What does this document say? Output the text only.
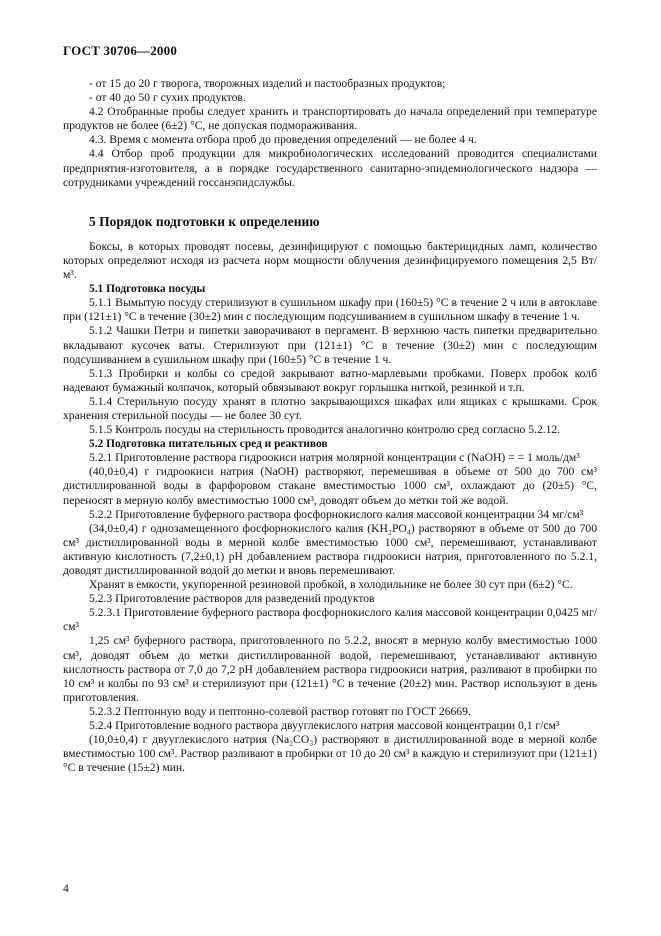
ГОСТ 30706—2000

- от 15 до 20 г творога, творожных изделий и пастообразных продуктов;

- от 40 до 50 г сухих продуктов.

4.2 Отобранные пробы следует хранить и транспортировать до начала определений при температуре продуктов не более (6±2) °С, не допуская подмораживания.

4.3. Время с момента отбора проб до проведения определений — не более 4 ч.

4.4 Отбор проб продукции для микробиологических исследований проводится специалистами предприятия-изготовителя, а в порядке государственного санитарно-эпидемиологического надзора — сотрудниками учреждений госсанэпидслужбы.

5 Порядок подготовки к определению

Боксы, в которых проводят посевы, дезинфицируют с помощью бактерицидных ламп, количество которых определяют исходя из расчета норм мощности облучения дезинфицируемого помещения 2,5 Вт/м³.

5.1 Подготовка посуды

5.1.1 Вымытую посуду стерилизуют в сушильном шкафу при (160±5) °С в течение 2 ч или в автоклаве при (121±1) °С в течение (30±2) мин с последующим подсушиванием в сушильном шкафу в течение 1 ч.

5.1.2 Чашки Петри и пипетки заворачивают в пергамент. В верхнюю часть пипетки предварительно вкладывают кусочек ваты. Стерилизуют при (121±1) °С в течение (30±2) мин с последующим подсушиванием в сушильном шкафу при (160±5) °С в течение 1 ч.

5.1.3 Пробирки и колбы со средой закрывают ватно-марлевыми пробками. Поверх пробок колб надевают бумажный колпачок, который обвязывают вокруг горлышка ниткой, резинкой и т.п.

5.1.4 Стерильную посуду хранят в плотно закрывающихся шкафах или ящиках с крышками. Срок хранения стерильной посуды — не более 30 сут.

5.1.5 Контроль посуды на стерильность проводится аналогично контролю сред согласно 5.2.12.

5.2 Подготовка питательных сред и реактивов

5.2.1 Приготовление раствора гидроокиси натрия молярной концентрации c (NaOH) = = 1 моль/дм³

(40,0±0,4) г гидроокиси натрия (NaOH) растворяют, перемешивая в объеме от 500 до 700 см³ дистиллированной воды в фарфоровом стакане вместимостью 1000 см³, охлаждают до (20±5) °С, переносят в мерную колбу вместимостью 1000 см³, доводят объем до метки той же водой.

5.2.2 Приготовление буферного раствора фосфорнокислого калия массовой концентрации 34 мг/см³

(34,0±0,4) г однозамещенного фосфорнокислого калия (KH₂PO₄) растворяют в объеме от 500 до 700 см³ дистиллированной воды в мерной колбе вместимостью 1000 см³, перемешивают, устанавливают активную кислотность (7,2±0,1) рН добавлением раствора гидроокиси натрия, приготовленного по 5.2.1, доводят дистиллированной водой до метки и вновь перемешивают.

Хранят в емкости, укупоренной резиновой пробкой, в холодильнике не более 30 сут при (6±2) °С.

5.2.3 Приготовление растворов для разведений продуктов

5.2.3.1 Приготовление буферного раствора фосфорнокислого калия массовой концентрации 0,0425 мг/см³

1,25 см³ буферного раствора, приготовленного по 5.2.2, вносят в мерную колбу вместимостью 1000 см³, доводят объем до метки дистиллированной водой, перемешивают, устанавливают активную кислотность раствора от 7,0 до 7,2 рН добавлением раствора гидроокиси натрия, разливают в пробирки по 10 см³ и колбы по 93 см³ и стерилизуют при (121±1) °С в течение (20±2) мин. Раствор используют в день приготовления.

5.2.3.2 Пептонную воду и пептонно-солевой раствор готовят по ГОСТ 26669.

5.2.4 Приготовление водного раствора двууглекислого натрия массовой концентрации 0,1 г/см³

(10,0±0,4) г двууглекислого натрия (Na₂CO₃) растворяют в дистиллированной воде в мерной колбе вместимостью 100 см³. Раствор разливают в пробирки от 10 до 20 см³ в каждую и стерилизуют при (121±1) °С в течение (15±2) мин.

4
